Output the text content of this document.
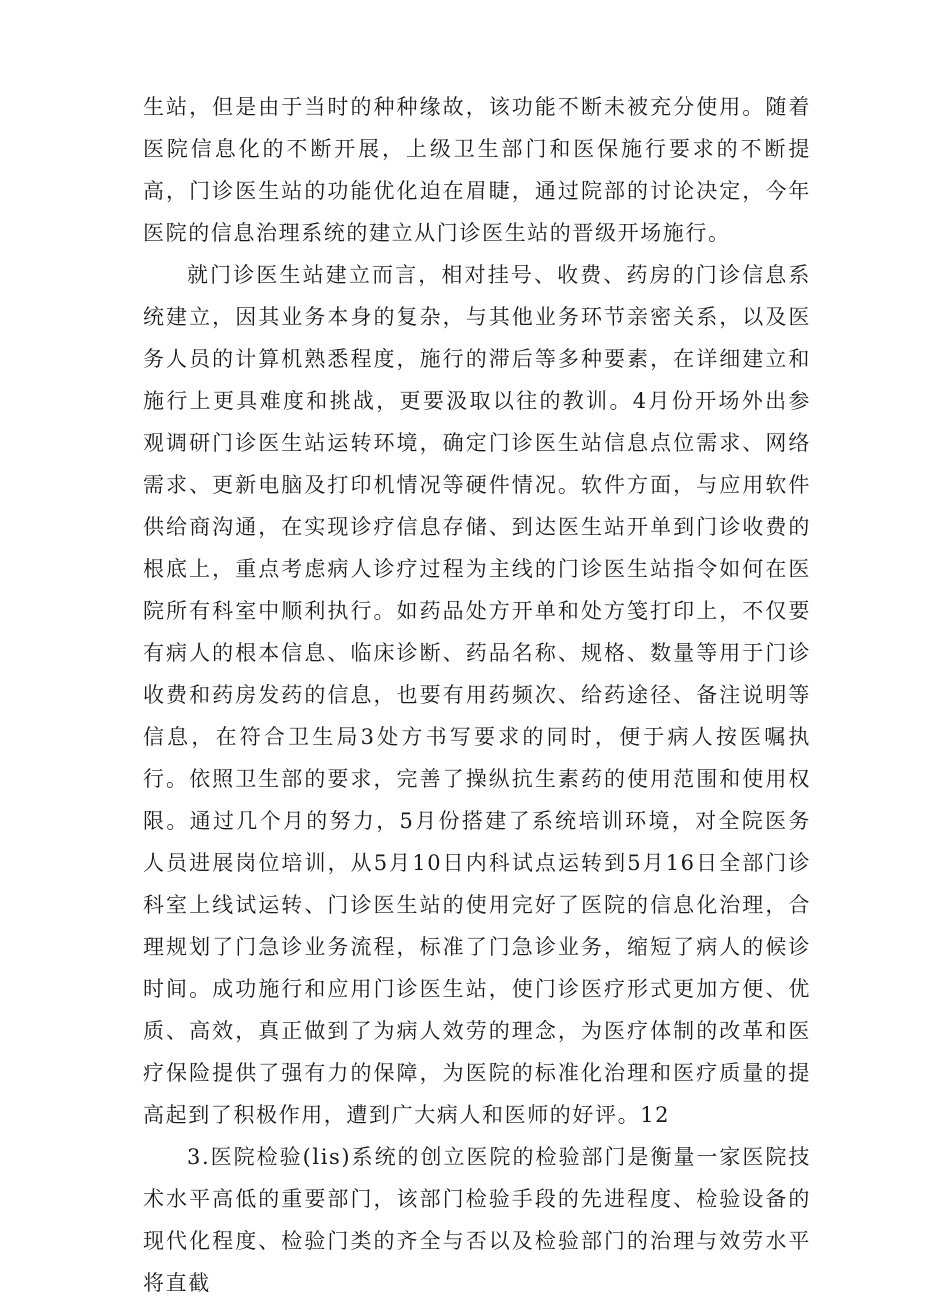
生站，但是由于当时的种种缘故，该功能不断未被充分使用。随着医院信息化的不断开展，上级卫生部门和医保施行要求的不断提高，门诊医生站的功能优化迫在眉睫，通过院部的讨论决定，今年医院的信息治理系统的建立从门诊医生站的晋级开场施行。

就门诊医生站建立而言，相对挂号、收费、药房的门诊信息系统建立，因其业务本身的复杂，与其他业务环节亲密关系，以及医务人员的计算机熟悉程度，施行的滞后等多种要素，在详细建立和施行上更具难度和挑战，更要汲取以往的教训。4月份开场外出参观调研门诊医生站运转环境，确定门诊医生站信息点位需求、网络需求、更新电脑及打印机情况等硬件情况。软件方面，与应用软件供给商沟通，在实现诊疗信息存储、到达医生站开单到门诊收费的根底上，重点考虑病人诊疗过程为主线的门诊医生站指令如何在医院所有科室中顺利执行。如药品处方开单和处方笺打印上，不仅要有病人的根本信息、临床诊断、药品名称、规格、数量等用于门诊收费和药房发药的信息，也要有用药频次、给药途径、备注说明等信息，在符合卫生局3处方书写要求的同时，便于病人按医嘱执行。依照卫生部的要求，完善了操纵抗生素药的使用范围和使用权限。通过几个月的努力，5月份搭建了系统培训环境，对全院医务人员进展岗位培训，从5月10日内科试点运转到5月16日全部门诊科室上线试运转、门诊医生站的使用完好了医院的信息化治理，合理规划了门急诊业务流程，标准了门急诊业务，缩短了病人的候诊时间。成功施行和应用门诊医生站，使门诊医疗形式更加方便、优质、高效，真正做到了为病人效劳的理念，为医疗体制的改革和医疗保险提供了强有力的保障，为医院的标准化治理和医疗质量的提高起到了积极作用，遭到广大病人和医师的好评。12

3.医院检验(lis)系统的创立医院的检验部门是衡量一家医院技术水平高低的重要部门，该部门检验手段的先进程度、检验设备的现代化程度、检验门类的齐全与否以及检验部门的治理与效劳水平将直截
